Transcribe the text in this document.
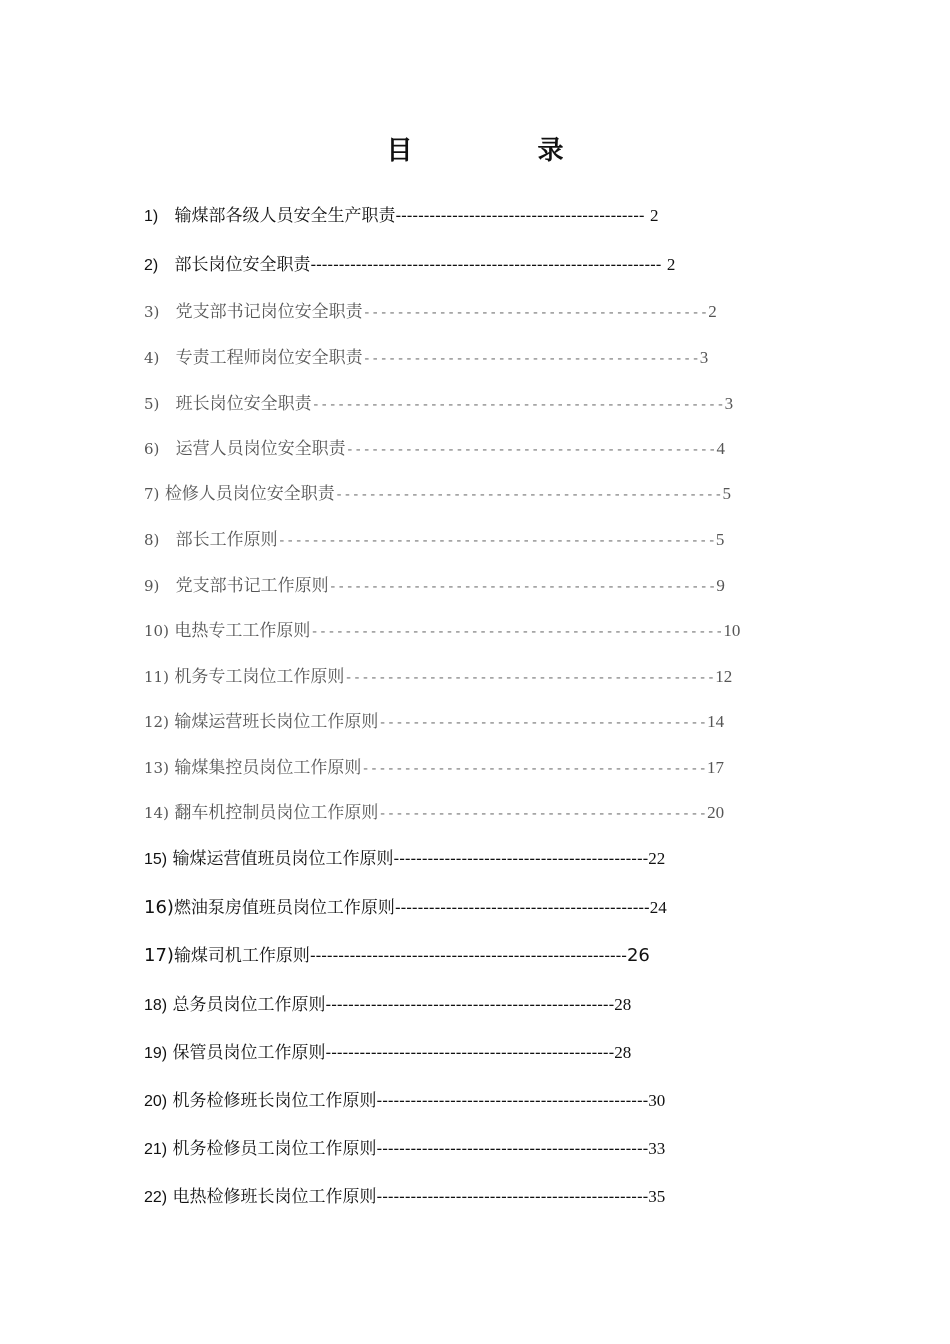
目 录
1) 输煤部各级人员安全生产职责-------------------------------------------- 2
2) 部长岗位安全职责-------------------------------------------------------------- 2
3) 党支部书记岗位安全职责-----------------------------------------2
4) 专责工程师岗位安全职责----------------------------------------3
5) 班长岗位安全职责-------------------------------------------------3
6) 运营人员岗位安全职责--------------------------------------------4
7) 检修人员岗位安全职责----------------------------------------------5
8) 部长工作原则----------------------------------------------------5
9) 党支部书记工作原则----------------------------------------------9
10) 电热专工工作原则-------------------------------------------------10
11) 机务专工岗位工作原则--------------------------------------------12
12) 输煤运营班长岗位工作原则---------------------------------------14
13) 输煤集控员岗位工作原则-----------------------------------------17
14) 翻车机控制员岗位工作原则---------------------------------------20
15) 输煤运营值班员岗位工作原则---------------------------------------------22
16)燃油泵房值班员岗位工作原则---------------------------------------------24
17)输煤司机工作原则--------------------------------------------------------26
18) 总务员岗位工作原则---------------------------------------------------28
19) 保管员岗位工作原则---------------------------------------------------28
20) 机务检修班长岗位工作原则------------------------------------------------30
21) 机务检修员工岗位工作原则------------------------------------------------33
22) 电热检修班长岗位工作原则------------------------------------------------35
